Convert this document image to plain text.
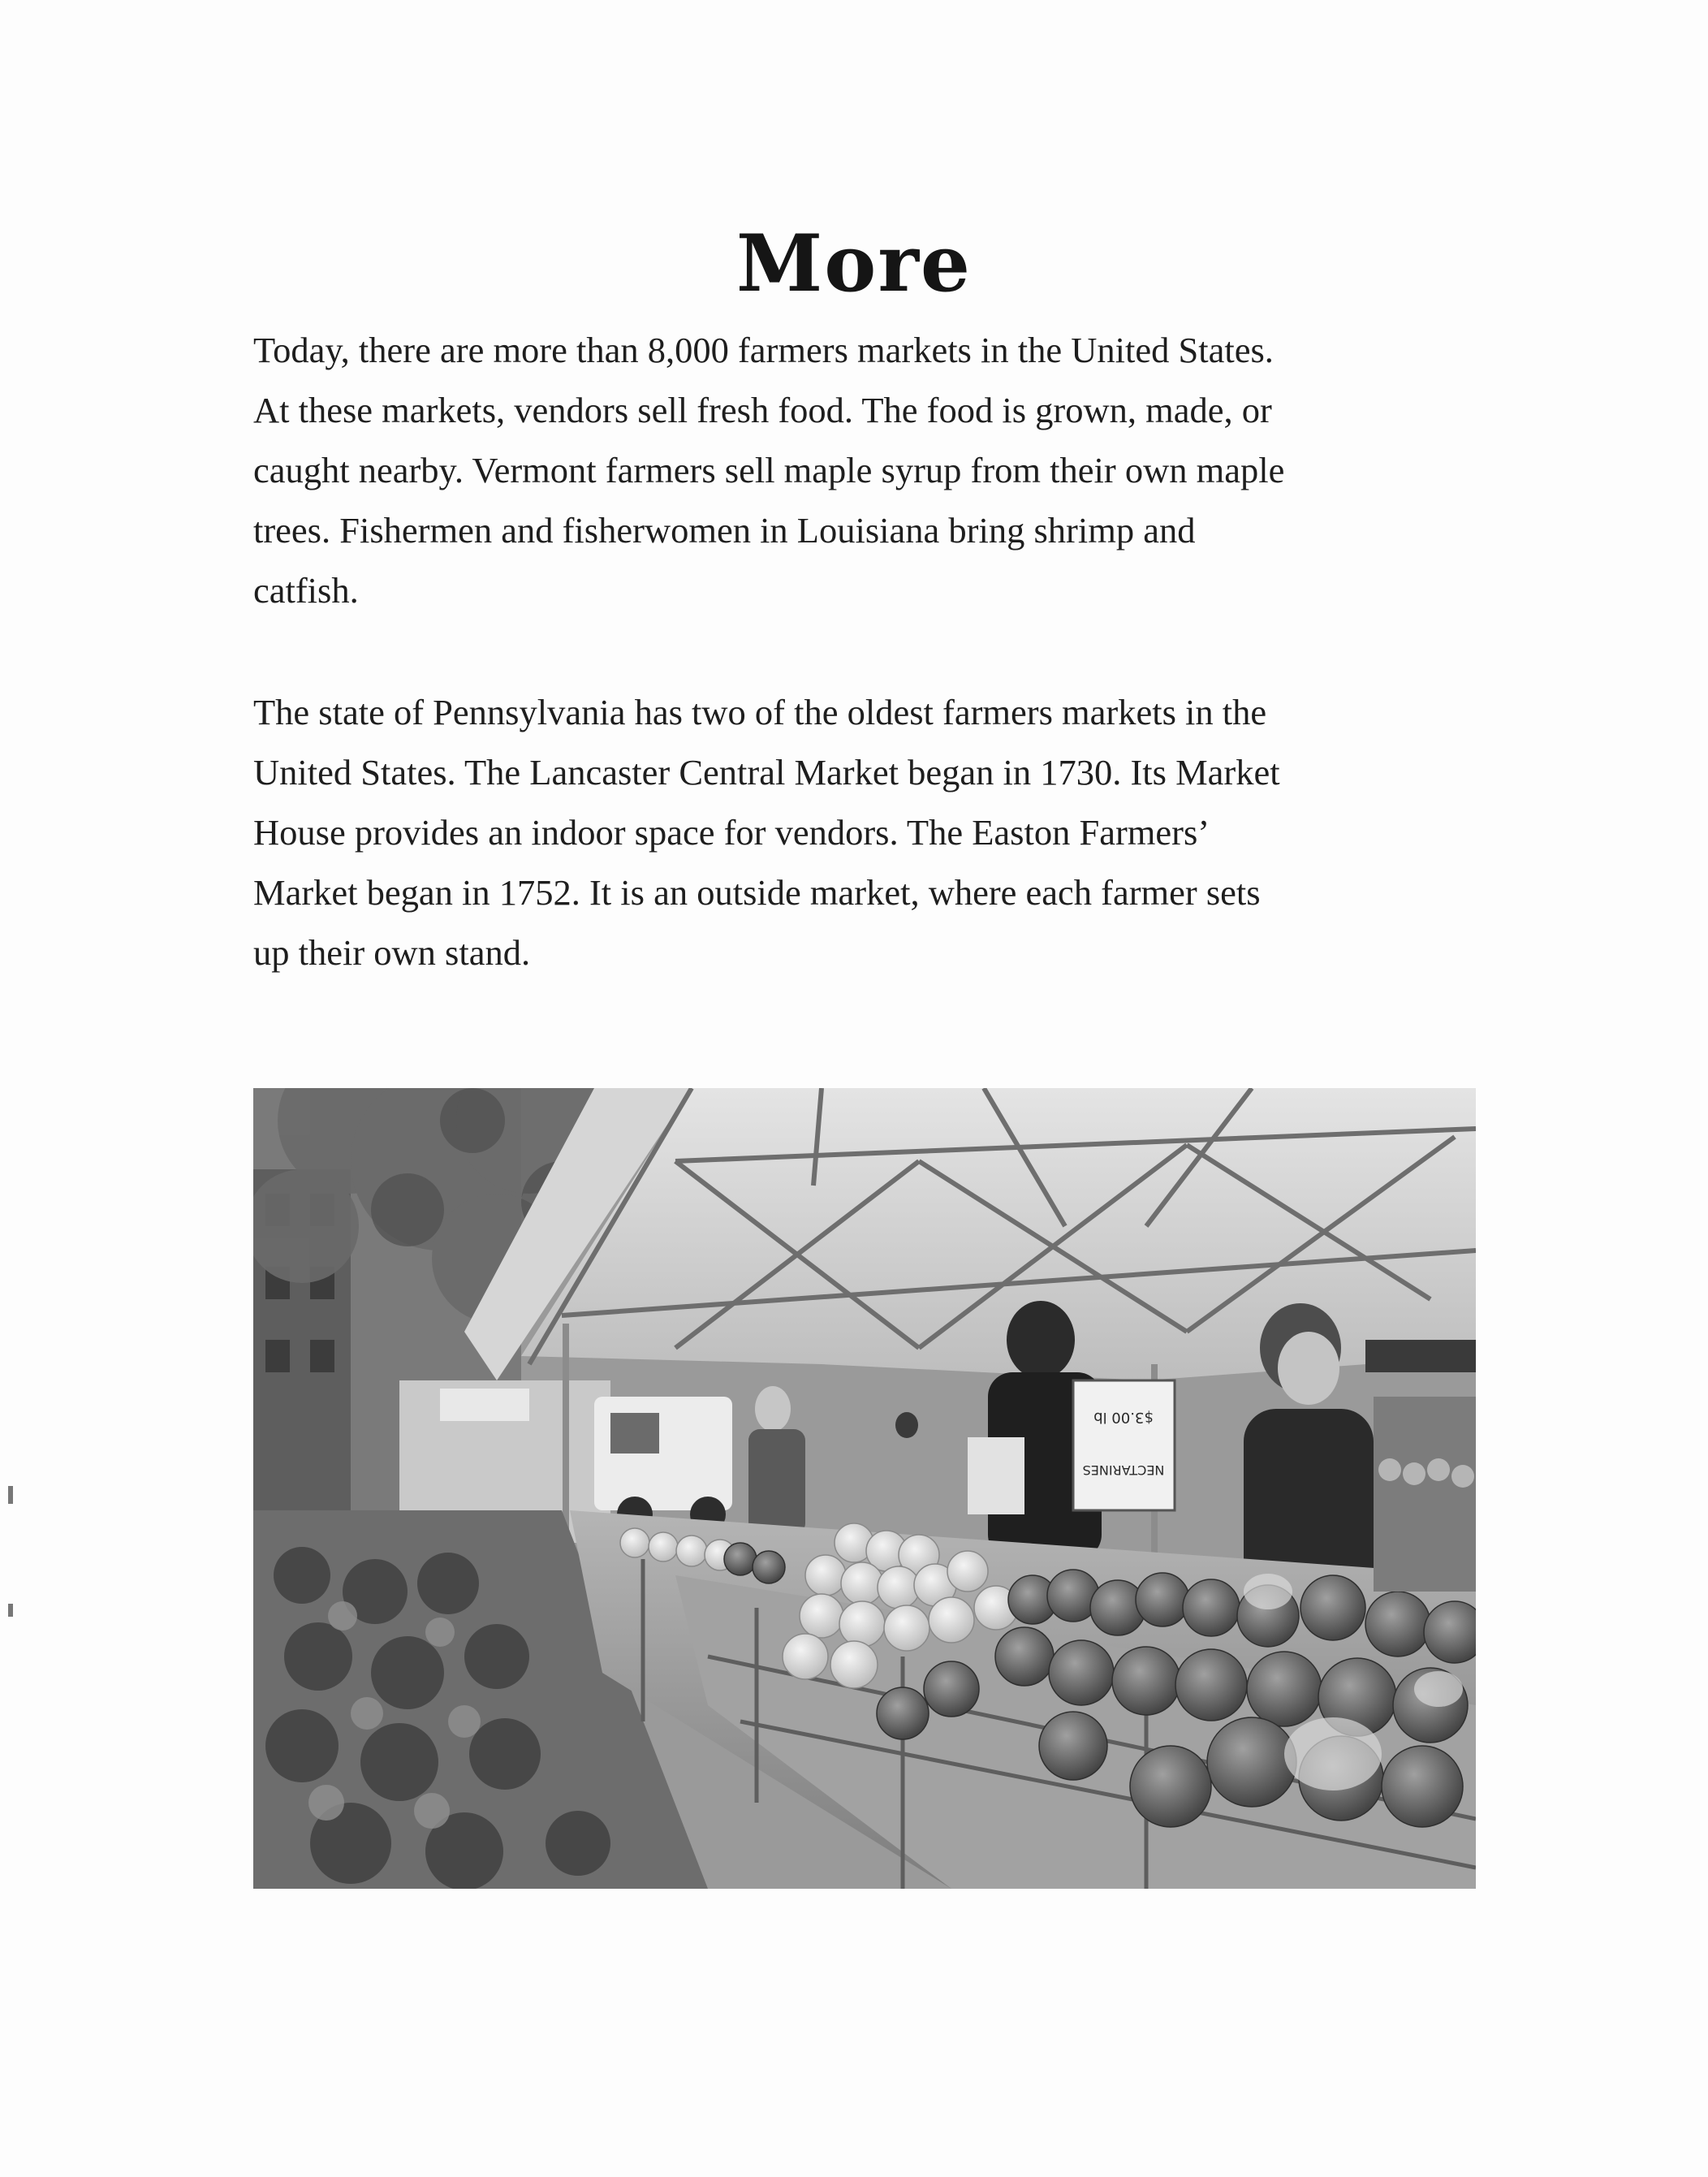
More

Today, there are more than 8,000 farmers markets in the United States.
At these markets, vendors sell fresh food. The food is grown, made, or
caught nearby. Vermont farmers sell maple syrup from their own maple
trees. Fishermen and fisherwomen in Louisiana bring shrimp and
catfish.

The state of Pennsylvania has two of the oldest farmers markets in the
United States. The Lancaster Central Market began in 1730. Its Market
House provides an indoor space for vendors. The Easton Farmers’
Market began in 1752. It is an outside market, where each farmer sets
up their own stand.

$3.00 lb
NECTARINES
